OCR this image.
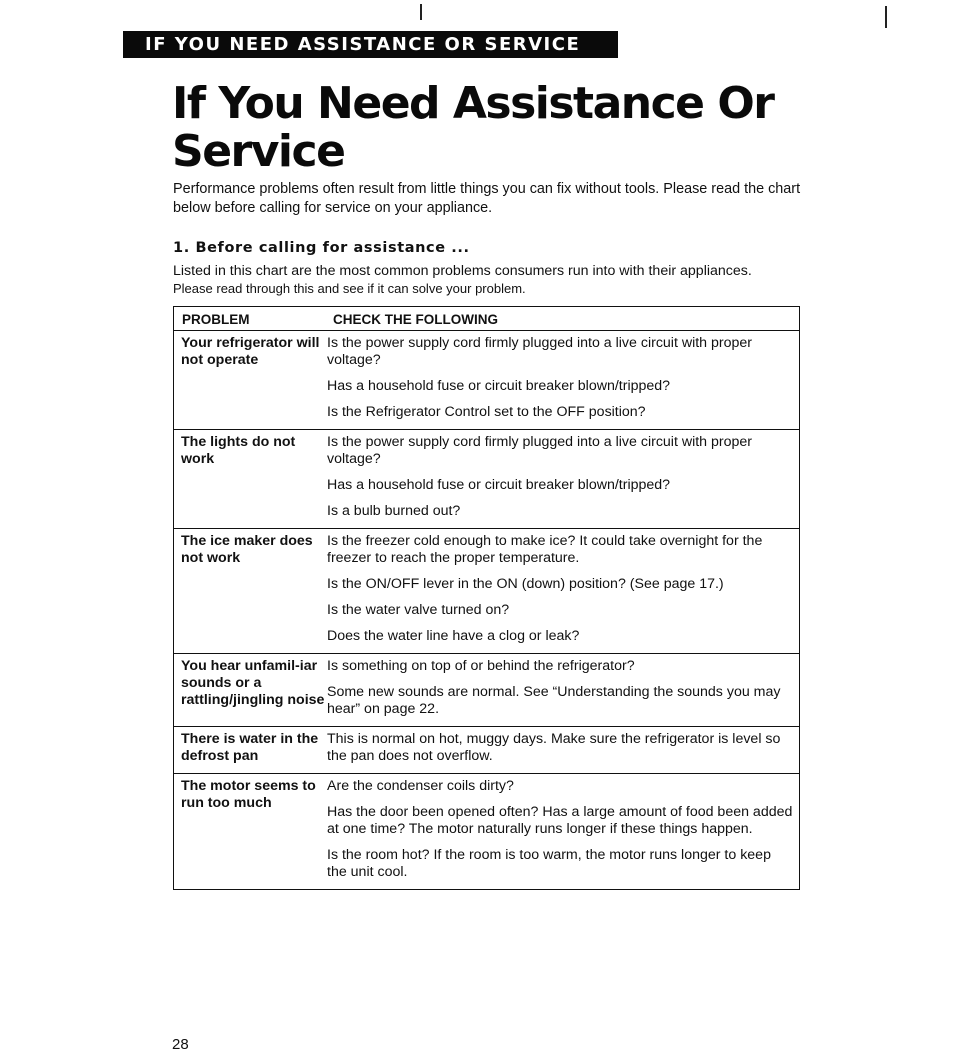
IF YOU NEED ASSISTANCE OR SERVICE
If You Need Assistance Or Service

Performance problems often result from little things you can fix without tools. Please read the chart below before calling for service on your appliance.

1. Before calling for assistance ...

Listed in this chart are the most common problems consumers run into with their appliances.
Please read through this and see if it can solve your problem.

PROBLEM	CHECK THE FOLLOWING
Your refrigerator will not operate	Is the power supply cord firmly plugged into a live circuit with proper voltage?

Has a household fuse or circuit breaker blown/tripped?

Is the Refrigerator Control set to the OFF position?

The lights do not work	Is the power supply cord firmly plugged into a live circuit with proper voltage?

Has a household fuse or circuit breaker blown/tripped?

Is a bulb burned out?

The ice maker does not work	Is the freezer cold enough to make ice? It could take overnight for the freezer to reach the proper temperature.

Is the ON/OFF lever in the ON (down) position? (See page 17.)

Is the water valve turned on?

Does the water line have a clog or leak?

You hear unfamil-iar sounds or a rattling/jingling noise	Is something on top of or behind the refrigerator?

Some new sounds are normal. See “Understanding the sounds you may hear” on page 22.

There is water in the defrost pan	This is normal on hot, muggy days. Make sure the refrigerator is level so the pan does not overflow.

The motor seems to run too much	Are the condenser coils dirty?

Has the door been opened often? Has a large amount of food been added at one time? The motor naturally runs longer if these things happen.

Is the room hot? If the room is too warm, the motor runs longer to keep the unit cool.

28
